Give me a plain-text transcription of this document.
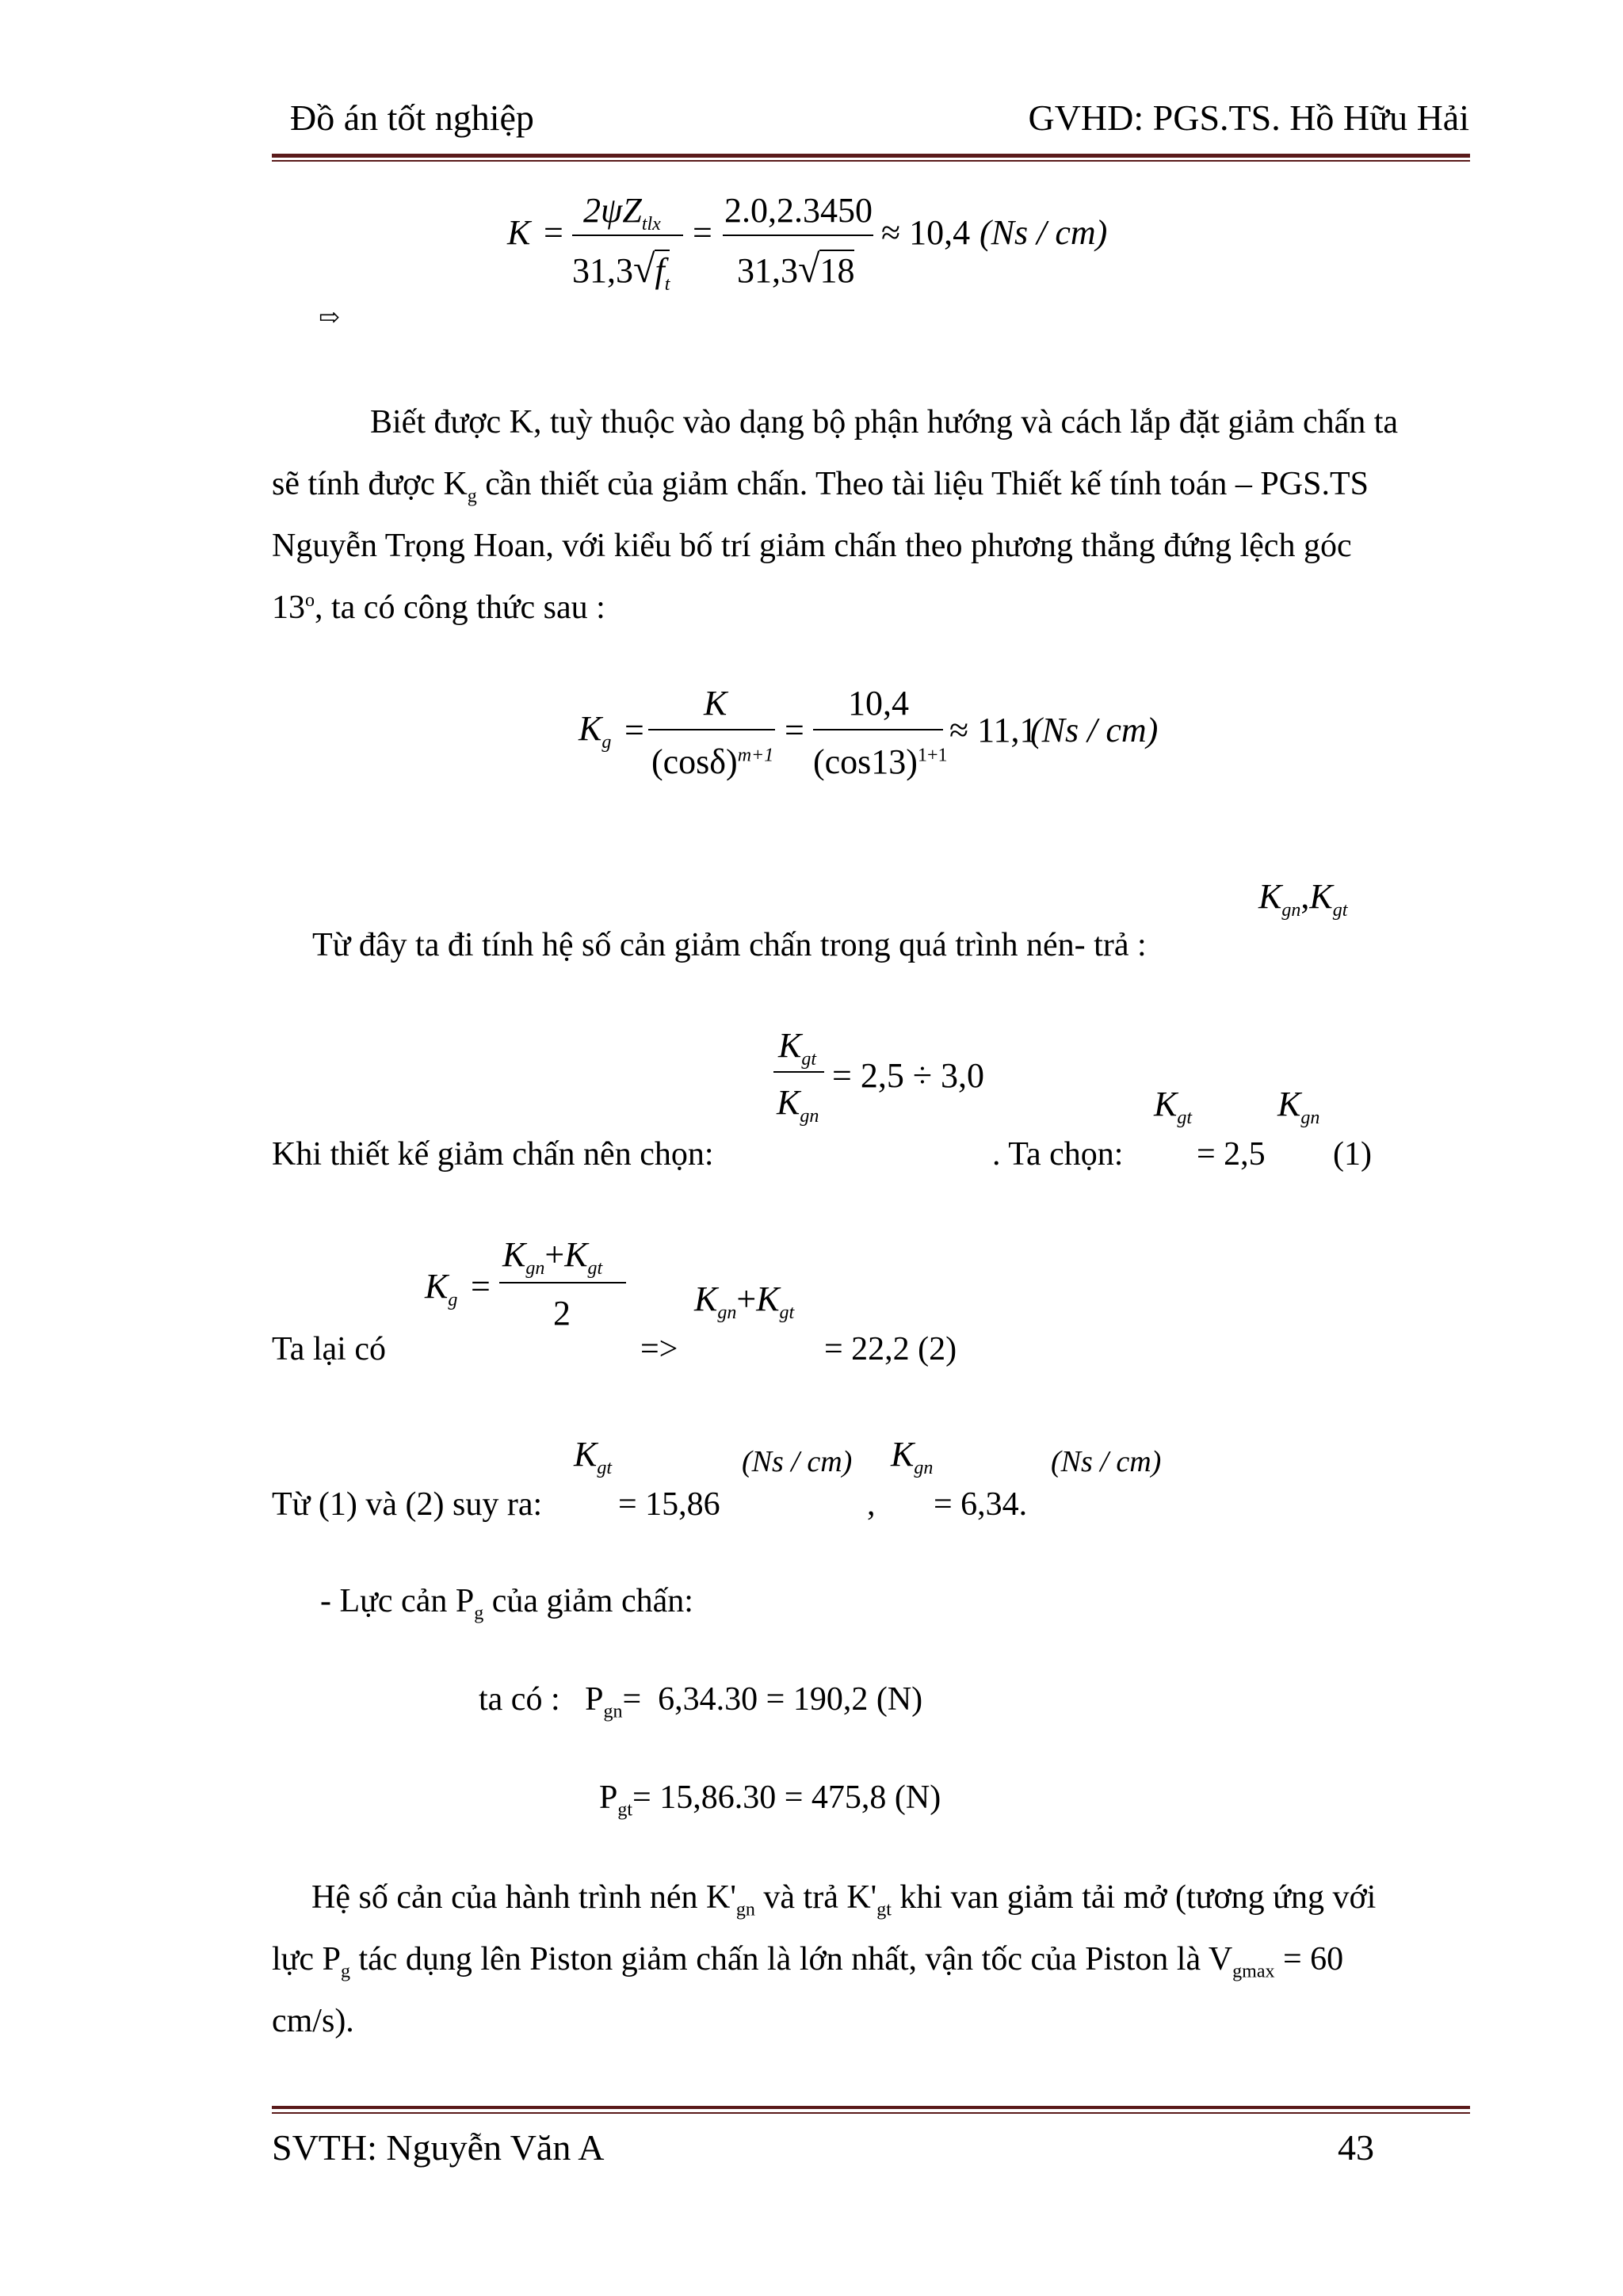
Đồ án tốt nghiệp	GVHD: PGS.TS. Hồ Hữu Hải
K =
$2\psi Z_{tlx}$
$31,3√f_t$
=
2.0,2.3450
31,3√18
≈ 10,4 (Ns / cm)
⇨
Biết được K, tuỳ thuộc vào dạng bộ phận hướng và cách lắp đặt giảm chấn ta
sẽ tính được $K_g$ cần thiết của giảm chấn. Theo tài liệu Thiết kế tính toán – PGS.TS
Nguyễn Trọng Hoan, với kiểu bố trí giảm chấn theo phương thẳng đứng lệch góc
13$^o$, ta có công thức sau :
$K_g$ =
K
$(\cos\delta)^{m+1}$
=
10,4
$(\cos 13)^{1+1}$
≈ 11,1
(Ns / cm)
$K_{gn},K_{gt}$
Từ đây ta đi tính hệ số cản giảm chấn trong quá trình nén- trả :
$K_{gt}$
$K_{gn}$
= 2,5 ÷ 3,0
$K_{gt}$ $K_{gn}$
Khi thiết kế giảm chấn nên chọn:	. Ta chọn: = 2,5 (1)
$K_g$ =
$K_{gn}+K_{gt}$
2	$K_{gn}+K_{gt}$
Ta lại có	=>	= 22,2 (2)
$K_{gt}$	(Ns / cm) $K_{gn}$	(Ns / cm)
Từ (1) và (2) suy ra: = 15,86	, = 6,34.
- Lực cản $P_g$ của giảm chấn:
ta có :   $P_{gn}= 6,34.30 = 190,2$ (N)
$P_{gt}= 15,86.30 = 475,8$ (N)
Hệ số cản của hành trình nén $K'_{gn}$ và trả $K'_{gt}$ khi van giảm tải mở (tương ứng với
lực $P_g$ tác dụng lên Piston giảm chấn là lớn nhất, vận tốc của Piston là $V_{gmax} = 60$
cm/s).
SVTH: Nguyễn Văn A	43
